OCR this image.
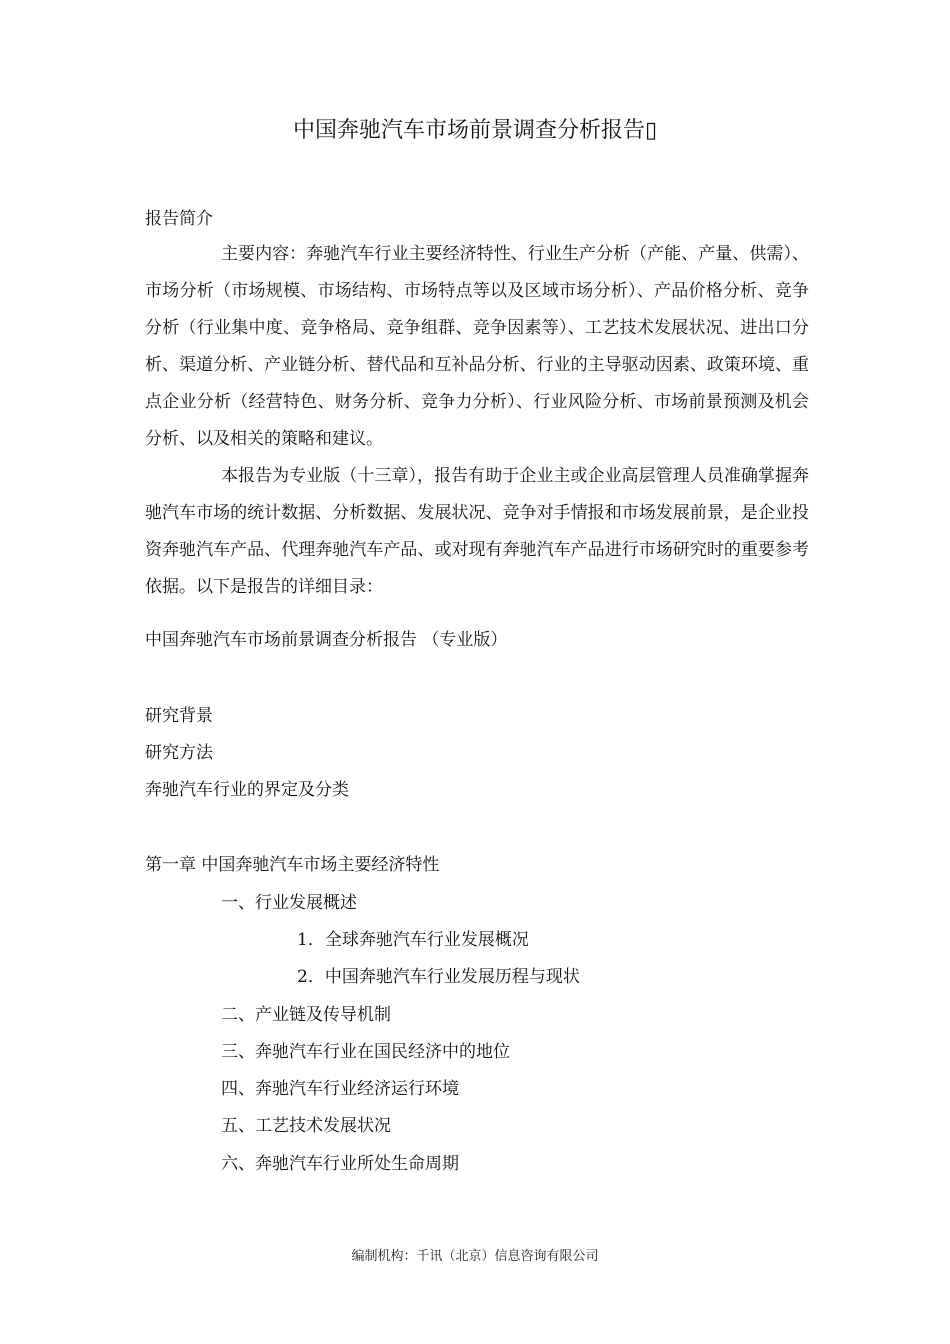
中国奔驰汽车市场前景调查分析报告▯
报告简介

主要内容：奔驰汽车行业主要经济特性、行业生产分析（产能、产量、供需）、市场分析（市场规模、市场结构、市场特点等以及区域市场分析）、产品价格分析、竞争分析（行业集中度、竞争格局、竞争组群、竞争因素等）、工艺技术发展状况、进出口分析、渠道分析、产业链分析、替代品和互补品分析、行业的主导驱动因素、政策环境、重点企业分析（经营特色、财务分析、竞争力分析）、行业风险分析、市场前景预测及机会分析、以及相关的策略和建议。

本报告为专业版（十三章），报告有助于企业主或企业高层管理人员准确掌握奔驰汽车市场的统计数据、分析数据、发展状况、竞争对手情报和市场发展前景，是企业投资奔驰汽车产品、代理奔驰汽车产品、或对现有奔驰汽车产品进行市场研究时的重要参考依据。以下是报告的详细目录：

中国奔驰汽车市场前景调查分析报告 （专业版）
研究背景
研究方法
奔驰汽车行业的界定及分类
第一章 中国奔驰汽车市场主要经济特性
一、行业发展概述
1．全球奔驰汽车行业发展概况
2．中国奔驰汽车行业发展历程与现状
二、产业链及传导机制
三、奔驰汽车行业在国民经济中的地位
四、奔驰汽车行业经济运行环境
五、工艺技术发展状况
六、奔驰汽车行业所处生命周期
编制机构：千讯（北京）信息咨询有限公司
